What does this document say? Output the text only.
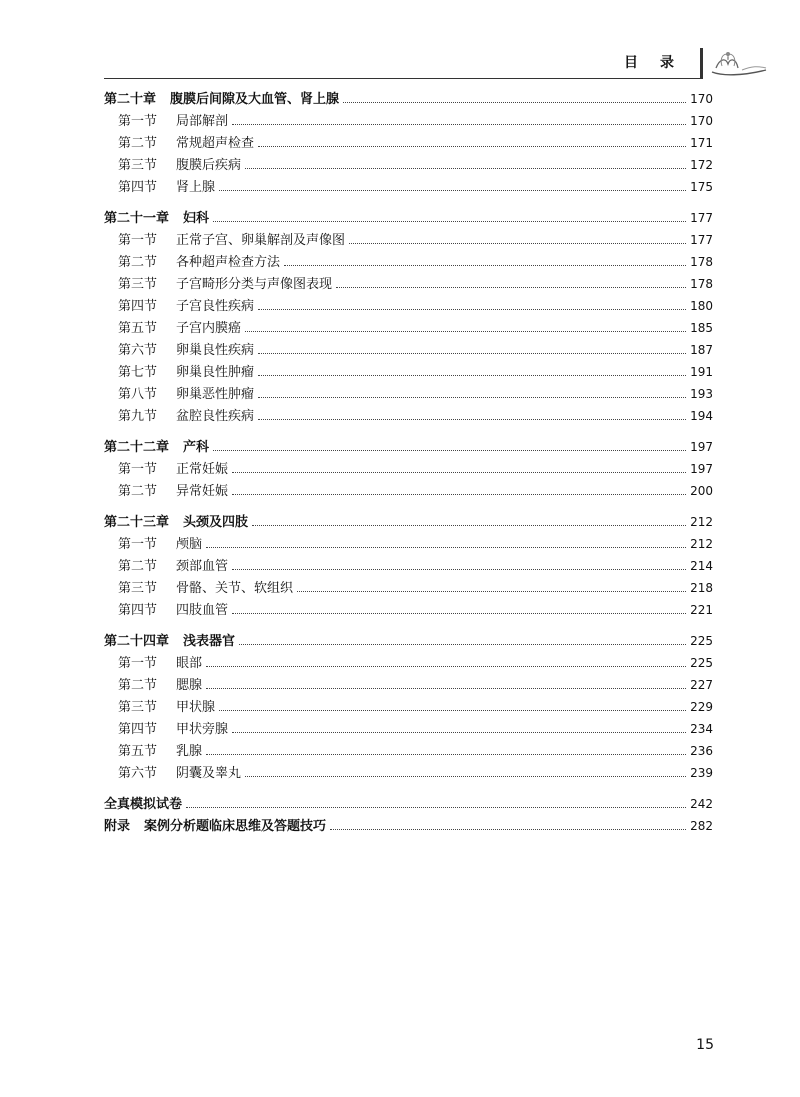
目录
第二十章 腹膜后间隙及大血管、肾上腺	170
第一节	局部解剖	170
第二节	常规超声检查	171
第三节	腹膜后疾病	172
第四节	肾上腺	175
第二十一章 妇科	177
第一节	正常子宫、卵巢解剖及声像图	177
第二节	各种超声检查方法	178
第三节	子宫畸形分类与声像图表现	178
第四节	子宫良性疾病	180
第五节	子宫内膜癌	185
第六节	卵巢良性疾病	187
第七节	卵巢良性肿瘤	191
第八节	卵巢恶性肿瘤	193
第九节	盆腔良性疾病	194
第二十二章 产科	197
第一节	正常妊娠	197
第二节	异常妊娠	200
第二十三章 头颈及四肢	212
第一节	颅脑	212
第二节	颈部血管	214
第三节	骨骼、关节、软组织	218
第四节	四肢血管	221
第二十四章 浅表器官	225
第一节	眼部	225
第二节	腮腺	227
第三节	甲状腺	229
第四节	甲状旁腺	234
第五节	乳腺	236
第六节	阴囊及睾丸	239
全真模拟试卷	242
附录 案例分析题临床思维及答题技巧	282
15
